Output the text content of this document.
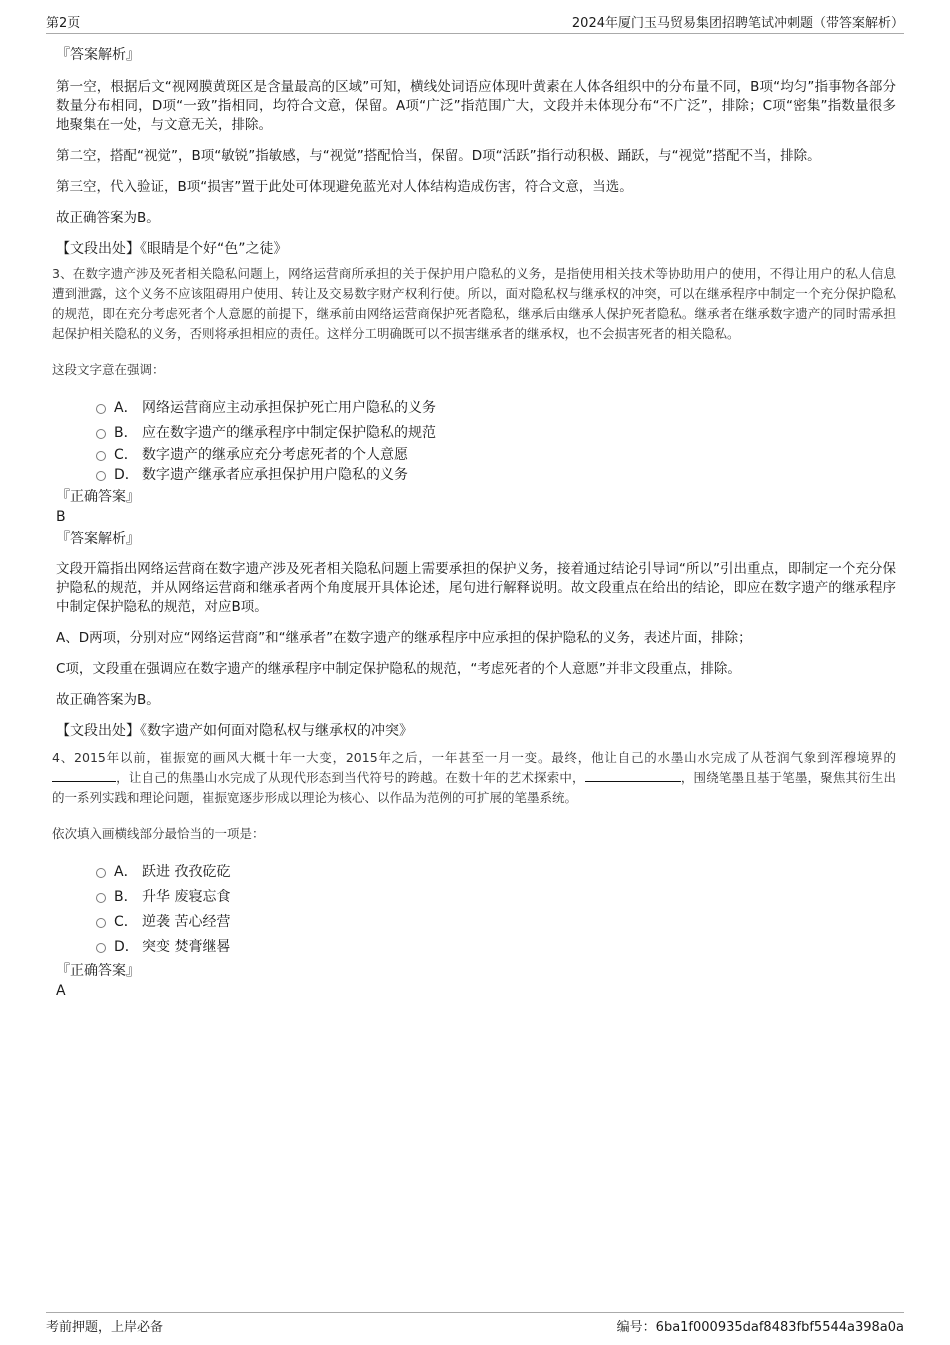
第2页	2024年厦门玉马贸易集团招聘笔试冲刺题（带答案解析）
『答案解析』
第一空，根据后文“视网膜黄斑区是含量最高的区域”可知，横线处词语应体现叶黄素在人体各组织中的分布量不同，B项“均匀”指事物各部分数量分布相同，D项“一致”指相同，均符合文意，保留。A项“广泛”指范围广大，文段并未体现分布“不广泛”，排除；C项“密集”指数量很多地聚集在一处，与文意无关，排除。
第二空，搭配“视觉”，B项“敏锐”指敏感，与“视觉”搭配恰当，保留。D项“活跃”指行动积极、踊跃，与“视觉”搭配不当，排除。
第三空，代入验证，B项“损害”置于此处可体现避免蓝光对人体结构造成伤害，符合文意，当选。
故正确答案为B。
【文段出处】《眼睛是个好“色”之徒》
3、在数字遗产涉及死者相关隐私问题上，网络运营商所承担的关于保护用户隐私的义务，是指使用相关技术等协助用户的使用，不得让用户的私人信息遭到泄露，这个义务不应该阻碍用户使用、转让及交易数字财产权利行使。所以，面对隐私权与继承权的冲突，可以在继承程序中制定一个充分保护隐私的规范，即在充分考虑死者个人意愿的前提下，继承前由网络运营商保护死者隐私，继承后由继承人保护死者隐私。继承者在继承数字遗产的同时需承担起保护相关隐私的义务，否则将承担相应的责任。这样分工明确既可以不损害继承者的继承权，也不会损害死者的相关隐私。
这段文字意在强调：
A． 网络运营商应主动承担保护死亡用户隐私的义务
B． 应在数字遗产的继承程序中制定保护隐私的规范
C． 数字遗产的继承应充分考虑死者的个人意愿
D． 数字遗产继承者应承担保护用户隐私的义务
『正确答案』
B
『答案解析』
文段开篇指出网络运营商在数字遗产涉及死者相关隐私问题上需要承担的保护义务，接着通过结论引导词“所以”引出重点，即制定一个充分保护隐私的规范，并从网络运营商和继承者两个角度展开具体论述，尾句进行解释说明。故文段重点在给出的结论，即应在数字遗产的继承程序中制定保护隐私的规范，对应B项。
A、D两项，分别对应“网络运营商”和“继承者”在数字遗产的继承程序中应承担的保护隐私的义务，表述片面，排除；
C项，文段重在强调应在数字遗产的继承程序中制定保护隐私的规范，“考虑死者的个人意愿”并非文段重点，排除。
故正确答案为B。
【文段出处】《数字遗产如何面对隐私权与继承权的冲突》
4、2015年以前，崔振宽的画风大概十年一大变，2015年之后，一年甚至一月一变。最终，他让自己的水墨山水完成了从苍润气象到浑穆境界的，让自己的焦墨山水完成了从现代形态到当代符号的跨越。在数十年的艺术探索中，	，围绕笔墨且基于笔墨，聚焦其衍生出的一系列实践和理论问题，崔振宽逐步形成以理论为核心、以作品为范例的可扩展的笔墨系统。
依次填入画横线部分最恰当的一项是：
A． 跃进 孜孜矻矻
B． 升华 废寝忘食
C． 逆袭 苦心经营
D． 突变 焚膏继晷
『正确答案』
A
考前押题，上岸必备	编号：6ba1f000935daf8483fbf5544a398a0a
